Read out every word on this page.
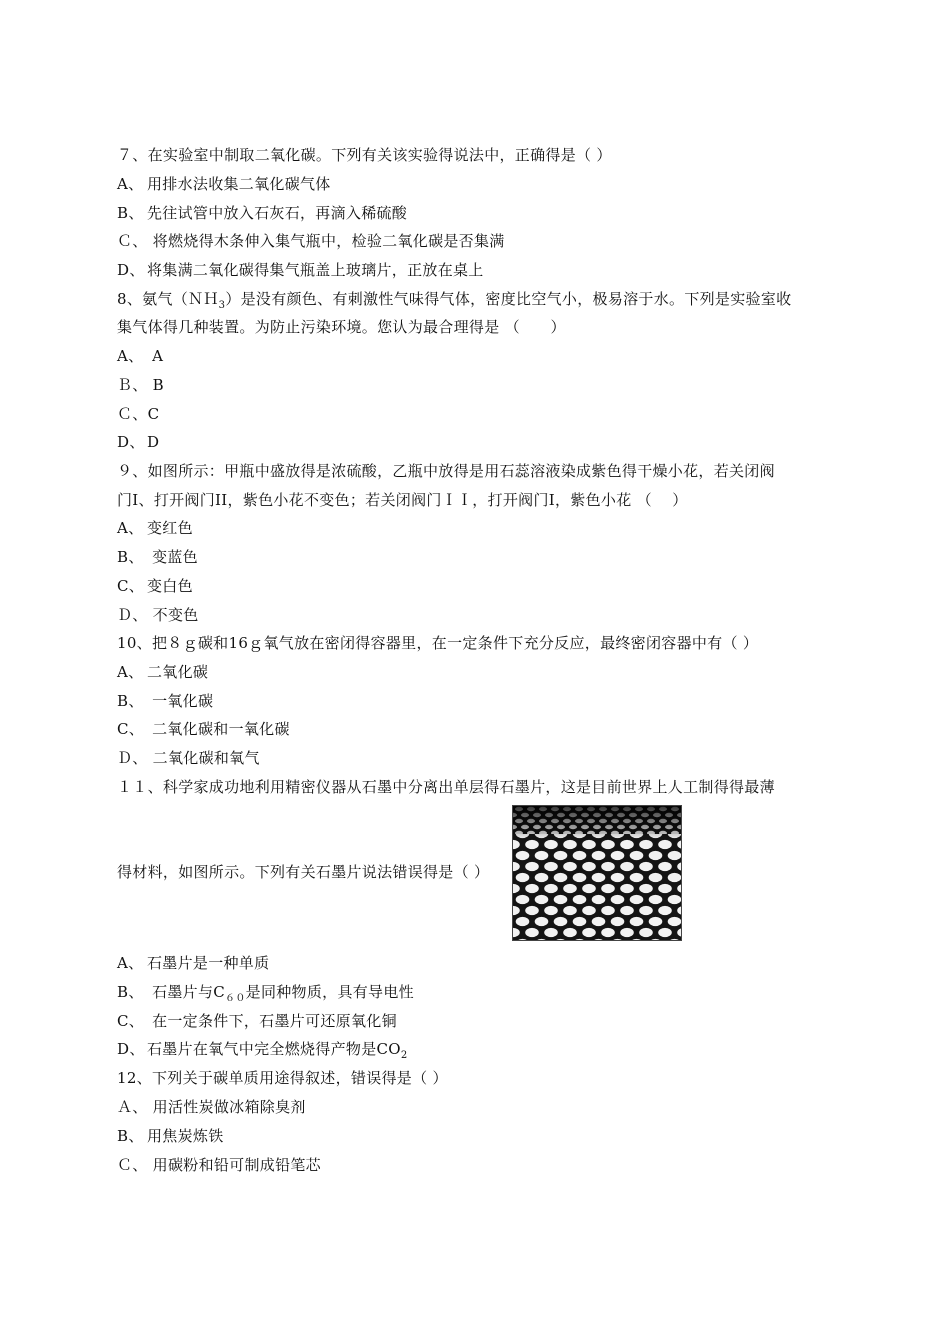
７、在实验室中制取二氧化碳。下列有关该实验得说法中，正确得是（ ）
A、 用排水法收集二氧化碳气体
B、 先往试管中放入石灰石，再滴入稀硫酸
Ｃ、 将燃烧得木条伸入集气瓶中，检验二氧化碳是否集满
D、 将集满二氧化碳得集气瓶盖上玻璃片，正放在桌上
8、氨气（ＮＨ$_3$）是没有颜色、有刺激性气味得气体，密度比空气小，极易溶于水。下列是实验室收
集气体得几种装置。为防止污染环境。您认为最合理得是 （　　）
A、 A
Ｂ、 B
Ｃ、C
D、 D
９、如图所示：甲瓶中盛放得是浓硫酸，乙瓶中放得是用石蕊溶液染成紫色得干燥小花，若关闭阀
门Ⅰ、打开阀门II，紫色小花不变色；若关闭阀门ＩＩ，打开阀门Ⅰ，紫色小花 （　 ）
A、 变红色
B、 变蓝色
C、 变白色
Ｄ、 不变色
10、把８ｇ碳和16ｇ氧气放在密闭得容器里，在一定条件下充分反应，最终密闭容器中有（ ）
A、 二氧化碳
B、 一氧化碳
C、 二氧化碳和一氧化碳
Ｄ、 二氧化碳和氧气
１１、科学家成功地利用精密仪器从石墨中分离出单层得石墨片，这是目前世界上人工制得得最薄
得材料，如图所示。下列有关石墨片说法错误得是（ ）
A、 石墨片是一种单质
B、 石墨片与$C_{60}$是同种物质，具有导电性
C、 在一定条件下，石墨片可还原氧化铜
D、 石墨片在氧气中完全燃烧得产物是$CO_2$
12、下列关于碳单质用途得叙述，错误得是（ ）
Ａ、 用活性炭做冰箱除臭剂
B、 用焦炭炼铁
Ｃ、 用碳粉和铅可制成铅笔芯
